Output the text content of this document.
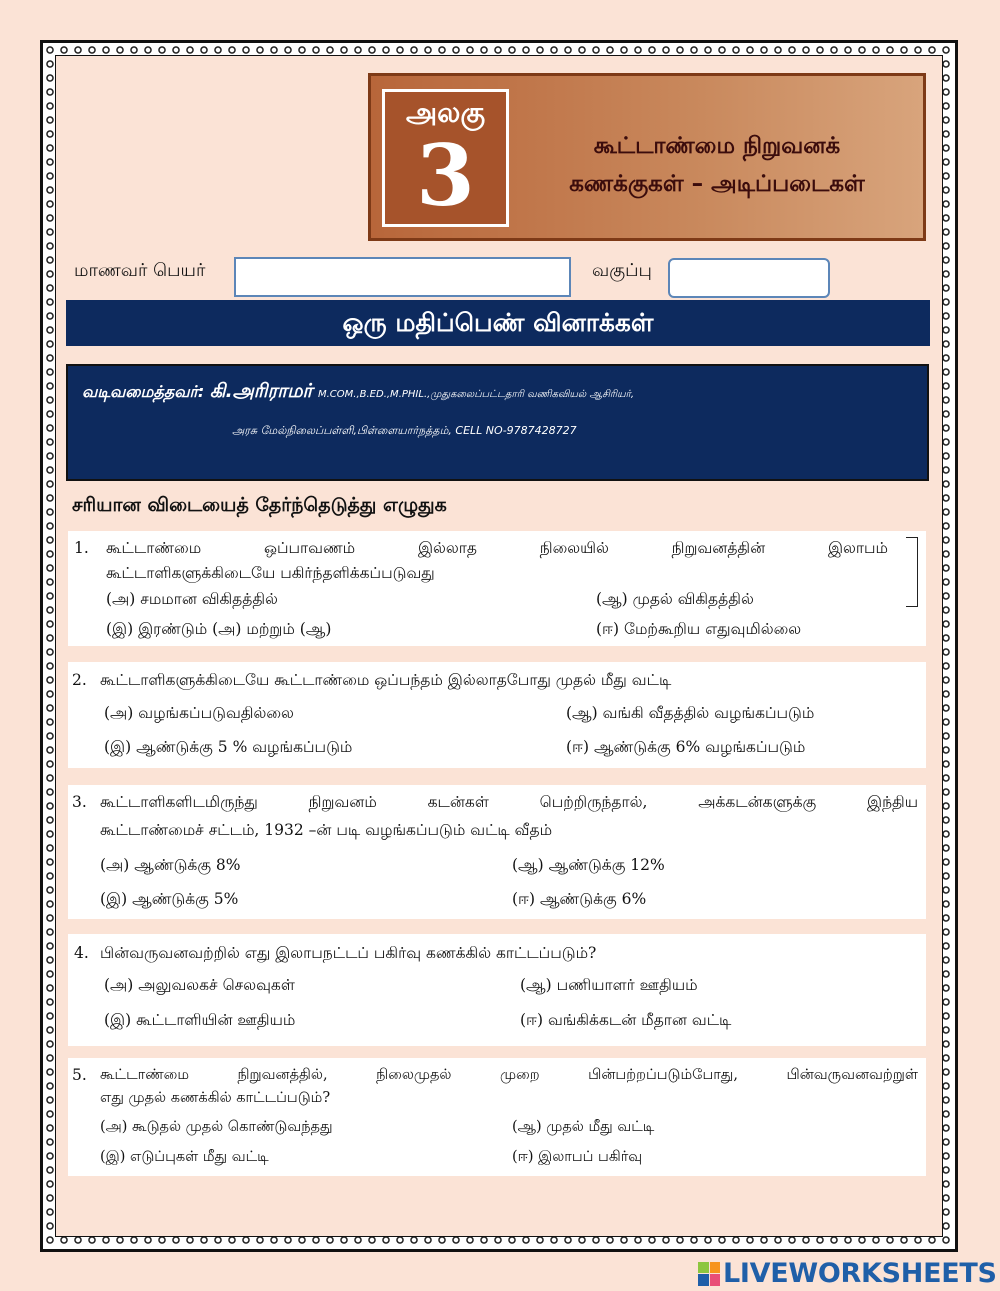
அலகு
3	கூட்டாண்மை நிறுவனக்
கணக்குகள் – அடிப்படைகள்
மாணவர் பெயர்	வகுப்பு
ஒரு மதிப்பெண் வினாக்கள்
வடிவமைத்தவர்: கி.அரிராமர் M.COM.,B.ED.,M.PHIL.,முதுகலைப்பட்டதாரி வணிகவியல் ஆசிரியர்,
அரசு மேல்நிலைப்பள்ளி,பிள்ளையார்நத்தம், CELL NO-9787428727
சரியான விடையைத் தேர்ந்தெடுத்து எழுதுக
1. கூட்டாண்மை ஒப்பாவணம் இல்லாத நிலையில் நிறுவனத்தின் இலாபம்
கூட்டாளிகளுக்கிடையே பகிர்ந்தளிக்கப்படுவது
(அ) சமமான விகிதத்தில்	(ஆ) முதல் விகிதத்தில்
(இ) இரண்டும் (அ) மற்றும் (ஆ)	(ஈ) மேற்கூறிய எதுவுமில்லை
2. கூட்டாளிகளுக்கிடையே கூட்டாண்மை ஒப்பந்தம் இல்லாதபோது முதல் மீது வட்டி
(அ) வழங்கப்படுவதில்லை	(ஆ) வங்கி வீதத்தில் வழங்கப்படும்
(இ) ஆண்டுக்கு 5 % வழங்கப்படும்	(ஈ) ஆண்டுக்கு 6% வழங்கப்படும்
3. கூட்டாளிகளிடமிருந்து நிறுவனம் கடன்கள் பெற்றிருந்தால், அக்கடன்களுக்கு இந்திய
கூட்டாண்மைச் சட்டம், 1932 –ன் படி வழங்கப்படும் வட்டி வீதம்
(அ) ஆண்டுக்கு 8%	(ஆ) ஆண்டுக்கு 12%
(இ) ஆண்டுக்கு 5%	(ஈ) ஆண்டுக்கு 6%
4. பின்வருவனவற்றில் எது இலாபநட்டப் பகிர்வு கணக்கில் காட்டப்படும்?
(அ) அலுவலகச் செலவுகள்	(ஆ) பணியாளர் ஊதியம்
(இ) கூட்டாளியின் ஊதியம்	(ஈ) வங்கிக்கடன் மீதான வட்டி
5. கூட்டாண்மை நிறுவனத்தில், நிலைமுதல் முறை பின்பற்றப்படும்போது, பின்வருவனவற்றுள்
எது முதல் கணக்கில் காட்டப்படும்?
(அ) கூடுதல் முதல் கொண்டுவந்தது	(ஆ) முதல் மீது வட்டி
(இ) எடுப்புகள் மீது வட்டி	(ஈ) இலாபப் பகிர்வு
LIVEWORKSHEETS
